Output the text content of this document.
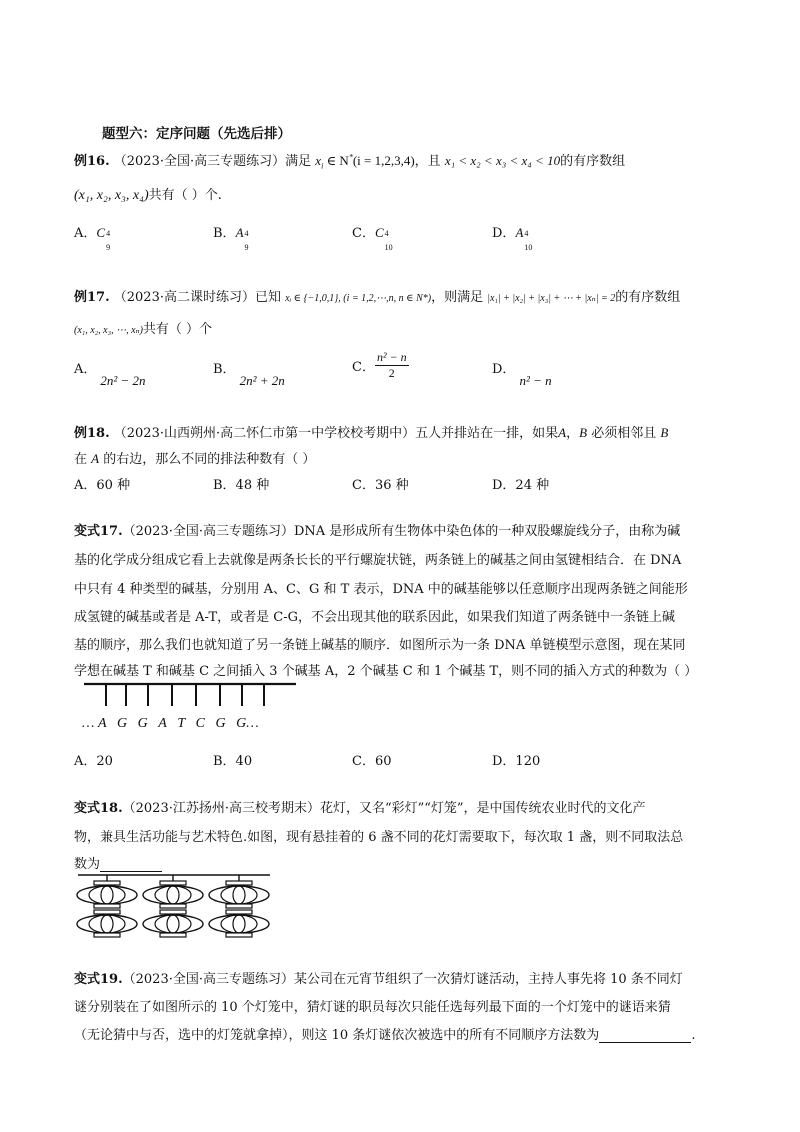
题型六：定序问题（先选后排）
例16. （2023·全国·高三专题练习）满足 $x_i$ ∈ N*(i = 1,2,3,4)，且 x₁ < x₂ < x₃ < x₄ < 10的有序数组
(x₁, x₂, x₃, x₄)共有（ ）个.
A．C 4
9
B．A 4
9
C．C 4
10
D．A 4
10
例17. （2023·高二课时练习）已知 xᵢ ∈ {−1,0,1}, (i = 1,2,⋯,n, n ∈ N*)，则满足 |x₁| + |x₂| + |x₃| + ⋯ + |xₙ| = 2的有序数组
(x₁, x₂, x₃, ⋯, xₙ)共有（ ）个
A．2n² − 2n
B．2n² + 2n
C． $\frac{\text{n² − n}}{2}$	D．n² − n
例18. （2023·山西朔州·高二怀仁市第一中学校校考期中）五人并排站在一排，如果A，B 必须相邻且 B
在 A 的右边，那么不同的排法种数有（ ）
A．60 种	B．48 种	C．36 种	D．24 种
变式17.（2023·全国·高三专题练习）DNA 是形成所有生物体中染色体的一种双股螺旋线分子，由称为碱
基的化学成分组成它看上去就像是两条长长的平行螺旋状链，两条链上的碱基之间由氢键相结合．在 DNA
中只有 4 种类型的碱基，分别用 A、C、G 和 T 表示，DNA 中的碱基能够以任意顺序出现两条链之间能形
成氢键的碱基或者是 A-T，或者是 C-G，不会出现其他的联系因此，如果我们知道了两条链中一条链上碱
基的顺序，那么我们也就知道了另一条链上碱基的顺序．如图所示为一条 DNA 单链模型示意图，现在某同
学想在碱基 T 和碱基 C 之间插入 3 个碱基 A，2 个碱基 C 和 1 个碱基 T，则不同的插入方式的种数为（ ）
… A G G A T C G G…
A．20	B．40	C．60	D．120
变式18.（2023·江苏扬州·高三校考期末）花灯，又名“彩灯”“灯笼”，是中国传统农业时代的文化产
物，兼具生活功能与艺术特色.如图，现有悬挂着的 6 盏不同的花灯需要取下，每次取 1 盏，则不同取法总
数为
变式19.（2023·全国·高三专题练习）某公司在元宵节组织了一次猜灯谜活动，主持人事先将 10 条不同灯
谜分别装在了如图所示的 10 个灯笼中，猜灯谜的职员每次只能任选每列最下面的一个灯笼中的谜语来猜
（无论猜中与否，选中的灯笼就拿掉），则这 10 条灯谜依次被选中的所有不同顺序方法数为	.
